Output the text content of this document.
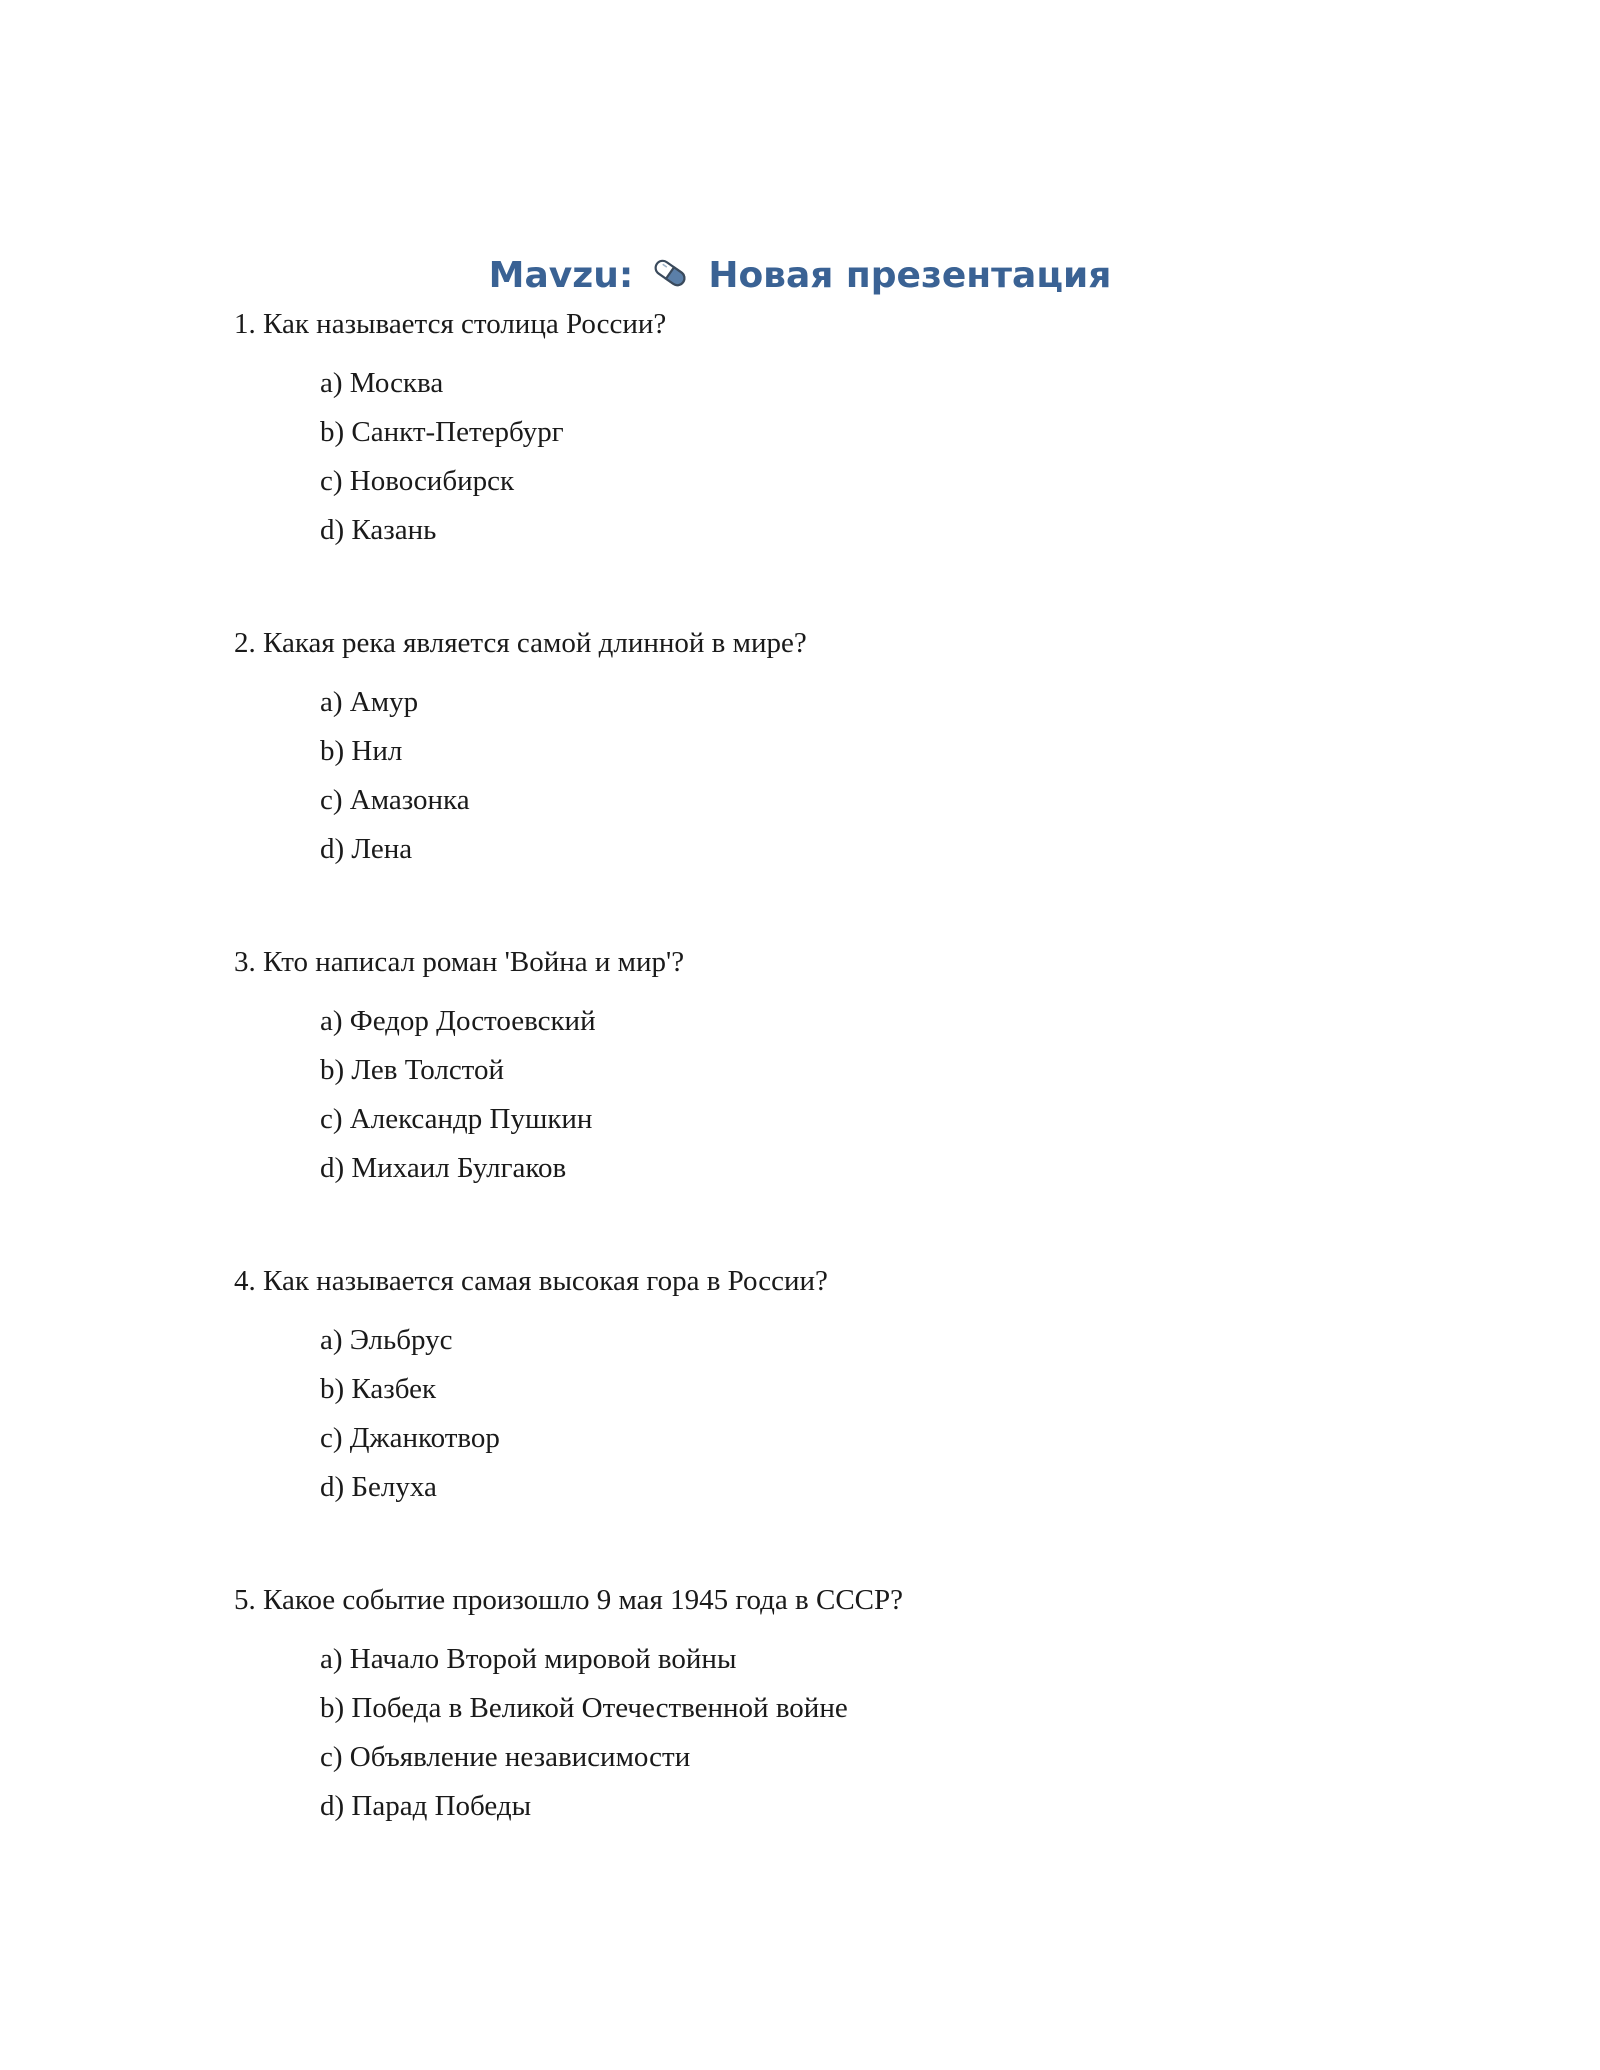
Mavzu: Новая презентация

1. Как называется столица России?

a) Москва
b) Санкт-Петербург
c) Новосибирск
d) Казань

2. Какая река является самой длинной в мире?

a) Амур
b) Нил
c) Амазонка
d) Лена

3. Кто написал роман 'Война и мир'?

a) Федор Достоевский
b) Лев Толстой
c) Александр Пушкин
d) Михаил Булгаков

4. Как называется самая высокая гора в России?

a) Эльбрус
b) Казбек
c) Джанкотвор
d) Белуха

5. Какое событие произошло 9 мая 1945 года в СССР?

a) Начало Второй мировой войны
b) Победа в Великой Отечественной войне
c) Объявление независимости
d) Парад Победы
